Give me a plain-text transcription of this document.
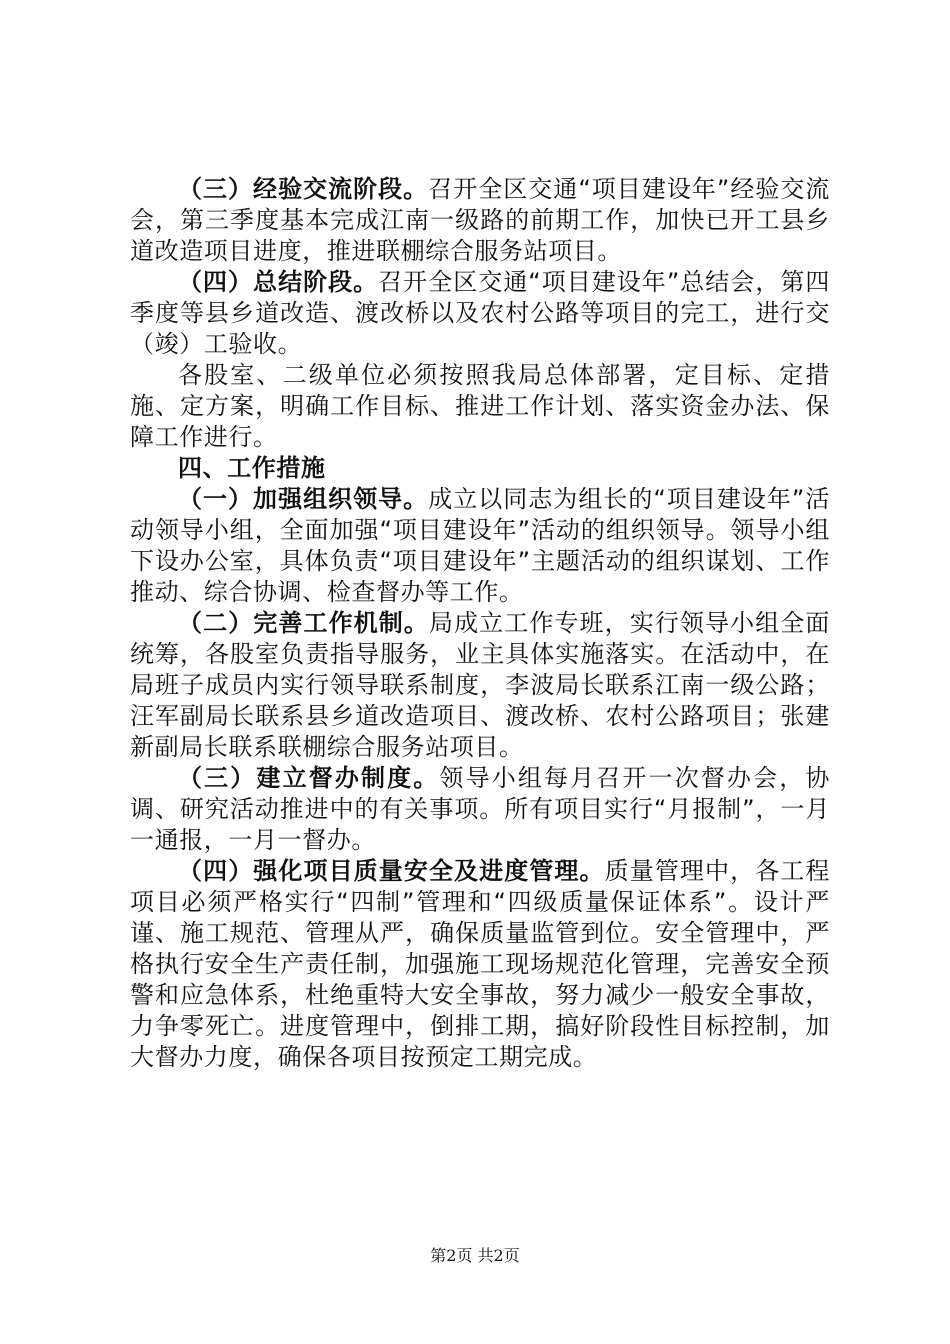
（三）经验交流阶段。召开全区交通“项目建设年”经验交流会，第三季度基本完成江南一级路的前期工作，加快已开工县乡道改造项目进度，推进联棚综合服务站项目。

（四）总结阶段。召开全区交通“项目建设年”总结会，第四季度等县乡道改造、渡改桥以及农村公路等项目的完工，进行交（竣）工验收。

各股室、二级单位必须按照我局总体部署，定目标、定措施、定方案，明确工作目标、推进工作计划、落实资金办法、保障工作进行。

四、工作措施

（一）加强组织领导。成立以同志为组长的“项目建设年”活动领导小组，全面加强“项目建设年”活动的组织领导。领导小组下设办公室，具体负责“项目建设年”主题活动的组织谋划、工作推动、综合协调、检查督办等工作。

（二）完善工作机制。局成立工作专班，实行领导小组全面统筹，各股室负责指导服务，业主具体实施落实。在活动中，在局班子成员内实行领导联系制度，李波局长联系江南一级公路；汪军副局长联系县乡道改造项目、渡改桥、农村公路项目；张建新副局长联系联棚综合服务站项目。

（三）建立督办制度。领导小组每月召开一次督办会，协调、研究活动推进中的有关事项。所有项目实行“月报制”，一月一通报，一月一督办。

（四）强化项目质量安全及进度管理。质量管理中，各工程项目必须严格实行“四制”管理和“四级质量保证体系”。设计严谨、施工规范、管理从严，确保质量监管到位。安全管理中，严格执行安全生产责任制，加强施工现场规范化管理，完善安全预警和应急体系，杜绝重特大安全事故，努力减少一般安全事故，力争零死亡。进度管理中，倒排工期，搞好阶段性目标控制，加大督办力度，确保各项目按预定工期完成。

第2页 共2页
